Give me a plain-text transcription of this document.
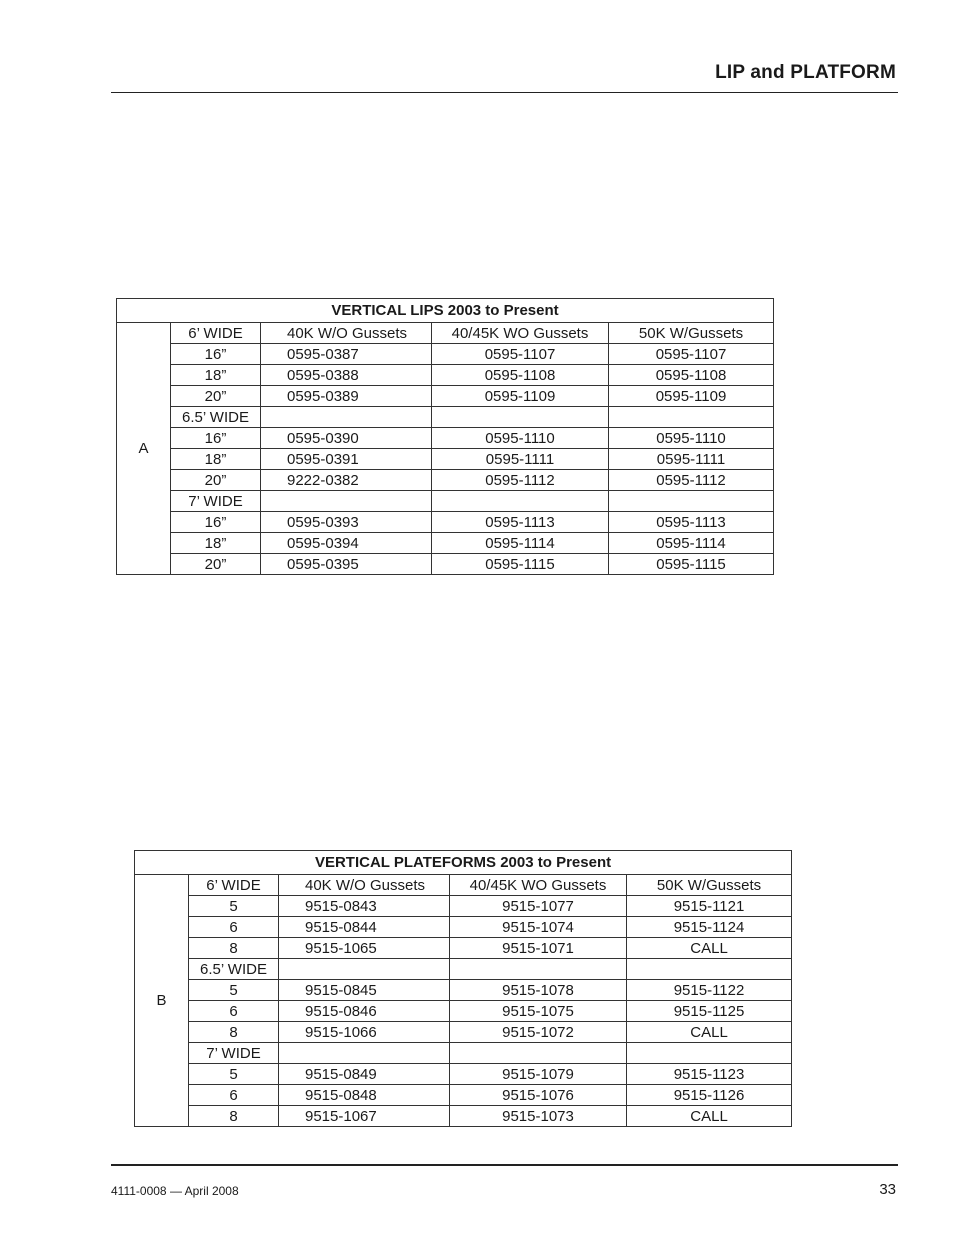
LIP and PLATFORM
VERTICAL LIPS 2003 to Present				
A	6’ WIDE	40K W/O Gussets	40/45K WO Gussets	50K W/Gussets
	16”	0595-0387	0595-1107	0595-1107
	18”	0595-0388	0595-1108	0595-1108
	20”	0595-0389	0595-1109	0595-1109
	6.5’ WIDE			
	16”	0595-0390	0595-1110	0595-1110
	18”	0595-0391	0595-1111	0595-1111
	20”	9222-0382	0595-1112	0595-1112
	7’ WIDE			
	16”	0595-0393	0595-1113	0595-1113
	18”	0595-0394	0595-1114	0595-1114
	20”	0595-0395	0595-1115	0595-1115
VERTICAL PLATEFORMS 2003 to Present				
B	6’ WIDE	40K W/O Gussets	40/45K WO Gussets	50K W/Gussets
	5	9515-0843	9515-1077	9515-1121
	6	9515-0844	9515-1074	9515-1124
	8	9515-1065	9515-1071	CALL
	6.5’ WIDE			
	5	9515-0845	9515-1078	9515-1122
	6	9515-0846	9515-1075	9515-1125
	8	9515-1066	9515-1072	CALL
	7’ WIDE			
	5	9515-0849	9515-1079	9515-1123
	6	9515-0848	9515-1076	9515-1126
	8	9515-1067	9515-1073	CALL
4111-0008 — April 2008	33
